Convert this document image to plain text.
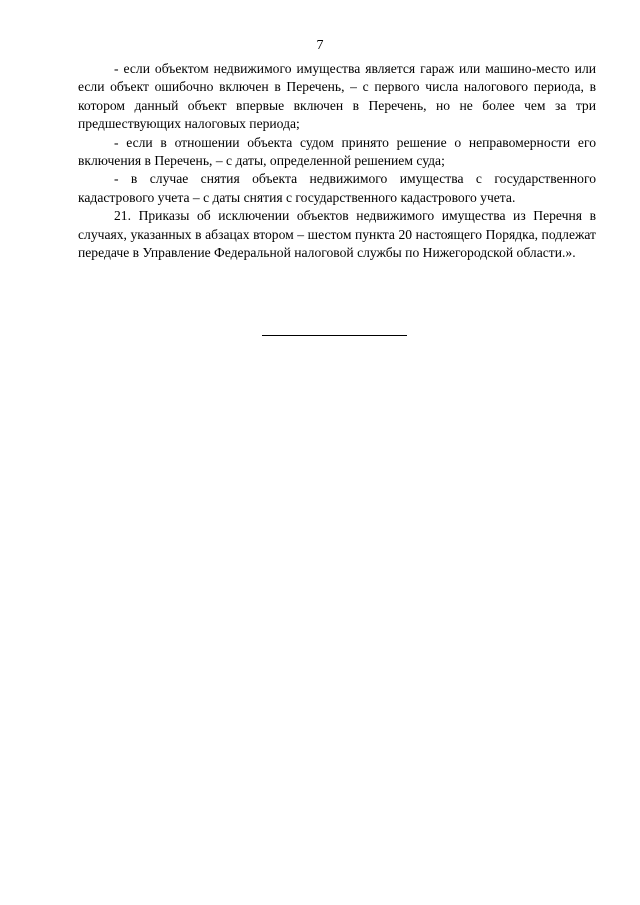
7

- если объектом недвижимого имущества является гараж или машино-место или если объект ошибочно включен в Перечень, – с первого числа налогового периода, в котором данный объект впервые включен в Перечень, но не более чем за три предшествующих налоговых периода;

- если в отношении объекта судом принято решение о неправомерности его включения в Перечень, – с даты, определенной решением суда;

- в случае снятия объекта недвижимого имущества с государственного кадастрового учета – с даты снятия с государственного кадастрового учета.

21. Приказы об исключении объектов недвижимого имущества из Перечня в случаях, указанных в абзацах втором – шестом пункта 20 настоящего Порядка, подлежат передаче в Управление Федеральной налоговой службы по Нижегородской области.».
